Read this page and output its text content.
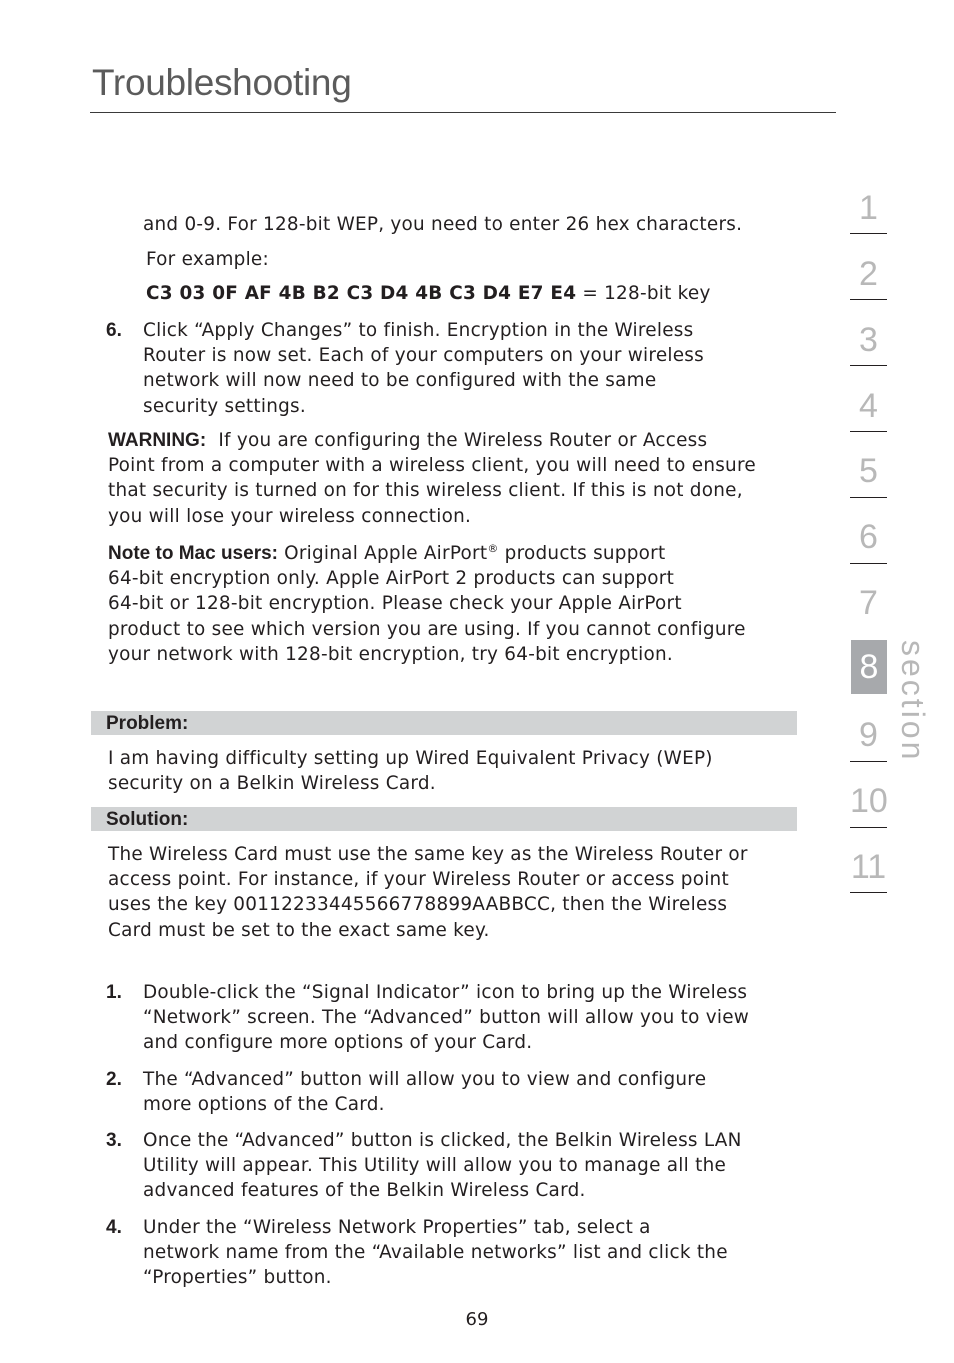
Troubleshooting

and 0-9. For 128-bit WEP, you need to enter 26 hex characters.

For example:

C3 03 0F AF 4B B2 C3 D4 4B C3 D4 E7 E4 = 128-bit key

6. Click “Apply Changes” to finish. Encryption in the Wireless
Router is now set. Each of your computers on your wireless
network will now need to be configured with the same
security settings.

WARNING: If you are configuring the Wireless Router or Access
Point from a computer with a wireless client, you will need to ensure
that security is turned on for this wireless client. If this is not done,
you will lose your wireless connection.

Note to Mac users: Original Apple AirPort® products support
64-bit encryption only. Apple AirPort 2 products can support
64-bit or 128-bit encryption. Please check your Apple AirPort
product to see which version you are using. If you cannot configure
your network with 128-bit encryption, try 64-bit encryption.

Problem:

I am having difficulty setting up Wired Equivalent Privacy (WEP)
security on a Belkin Wireless Card.

Solution:

The Wireless Card must use the same key as the Wireless Router or
access point. For instance, if your Wireless Router or access point
uses the key 00112233445566778899AABBCC, then the Wireless
Card must be set to the exact same key.

1. Double-click the “Signal Indicator” icon to bring up the Wireless
“Network” screen. The “Advanced” button will allow you to view
and configure more options of your Card.

2. The “Advanced” button will allow you to view and configure
more options of the Card.

3. Once the “Advanced” button is clicked, the Belkin Wireless LAN
Utility will appear. This Utility will allow you to manage all the
advanced features of the Belkin Wireless Card.

4. Under the “Wireless Network Properties” tab, select a
network name from the “Available networks” list and click the
“Properties” button.

1
2
3
4
5
6
7
8
9
10
11
section
69
